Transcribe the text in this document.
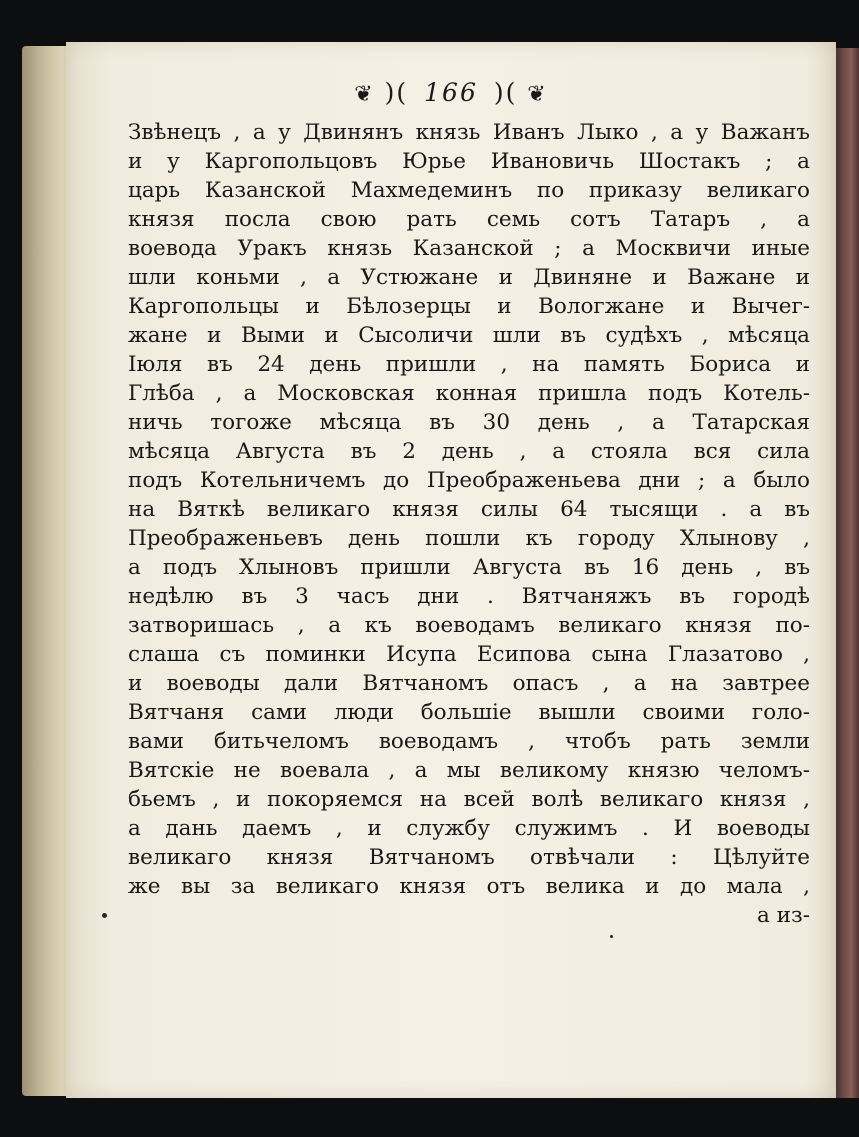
❦ )( 166 )( ❦
Звѣнецъ , а у Двинянъ князь Иванъ Лыко , а у Важанъ
и у Каргопольцовъ Юрье Ивановичь Шостакъ ; а
царь Казанской Махмедеминъ по приказу великаго
князя посла свою рать семь сотъ Татаръ , а
воевода Уракъ князь Казанской ; а Москвичи иные
шли коньми , а Устюжане и Двиняне и Важане и
Каргопольцы и Бѣлозерцы и Вологжане и Вычег-
жане и Выми и Сысоличи шли въ судѣхъ , мѣсяца
Іюля въ 24 день пришли , на память Бориса и
Глѣба , а Московская конная пришла подъ Котель-
ничь тогоже мѣсяца въ 30 день , а Татарская
мѣсяца Августа въ 2 день , а стояла вся сила
подъ Котельничемъ до Преображеньева дни ; а было
на Вяткѣ великаго князя силы 64 тысящи . а въ
Преображеньевъ день пошли къ городу Хлынову ,
а подъ Хлыновъ пришли Августа въ 16 день , въ
недѣлю въ 3 часъ дни . Вятчаняжъ въ городѣ
затворишась , а къ воеводамъ великаго князя по-
слаша съ поминки Исупа Есипова сына Глазатово ,
и воеводы дали Вятчаномъ опасъ , а на завтрее
Вятчаня сами люди большіе вышли своими голо-
вами битьчеломъ воеводамъ , чтобъ рать земли
Вятскіе не воевала , а мы великому князю челомъ-
бьемъ , и покоряемся на всей волѣ великаго князя ,
а дань даемъ , и службу служимъ . И воеводы
великаго князя Вятчаномъ отвѣчали : Цѣлуйте
же вы за великаго князя отъ велика и до мала ,
а из-
